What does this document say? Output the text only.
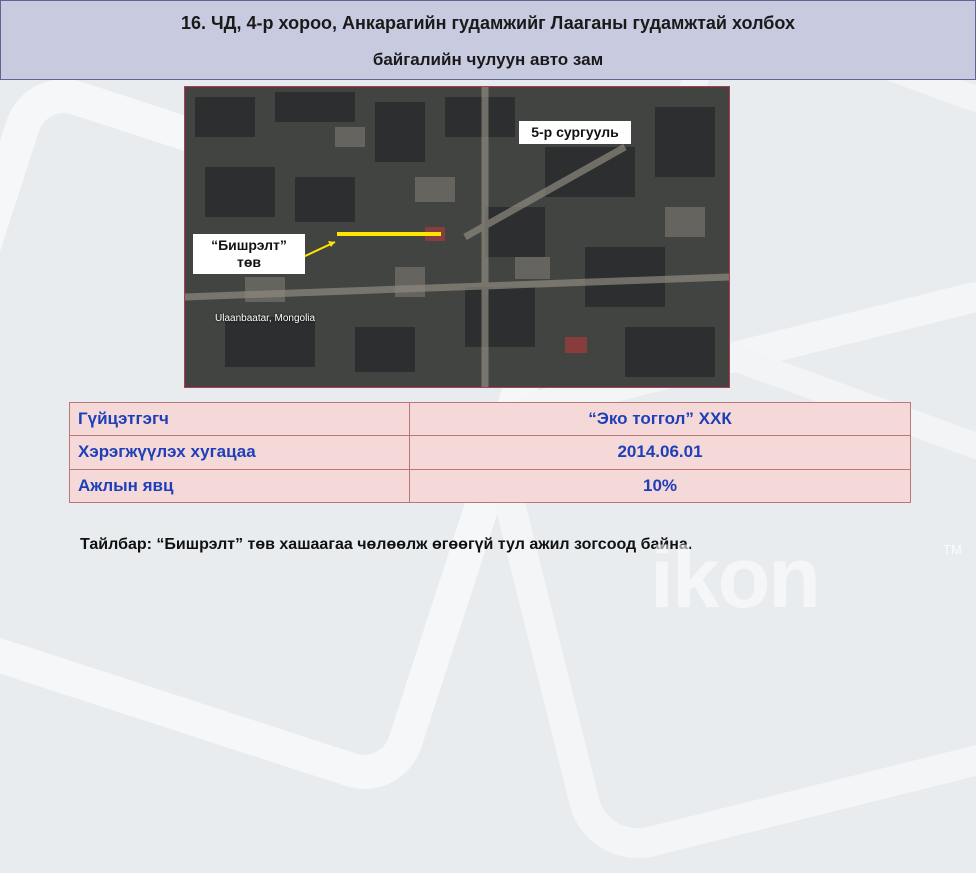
16. ЧД, 4-р хороо, Анкарагийн гудамжийг Лааганы гудамжтай холбох
байгалийн чулуун авто зам
5-р сургууль
“Бишрэлт”
төв
Ulaanbaatar, Mongolia
Гүйцэтгэгч	“Эко тоггол” ХХК
Хэрэгжүүлэх хугацаа	2014.06.01
Ажлын явц	10%
Тайлбар: “Бишрэлт” төв хашаагаа чөлөөлж өгөөгүй тул ажил зогсоод байна.
ikon	TM
